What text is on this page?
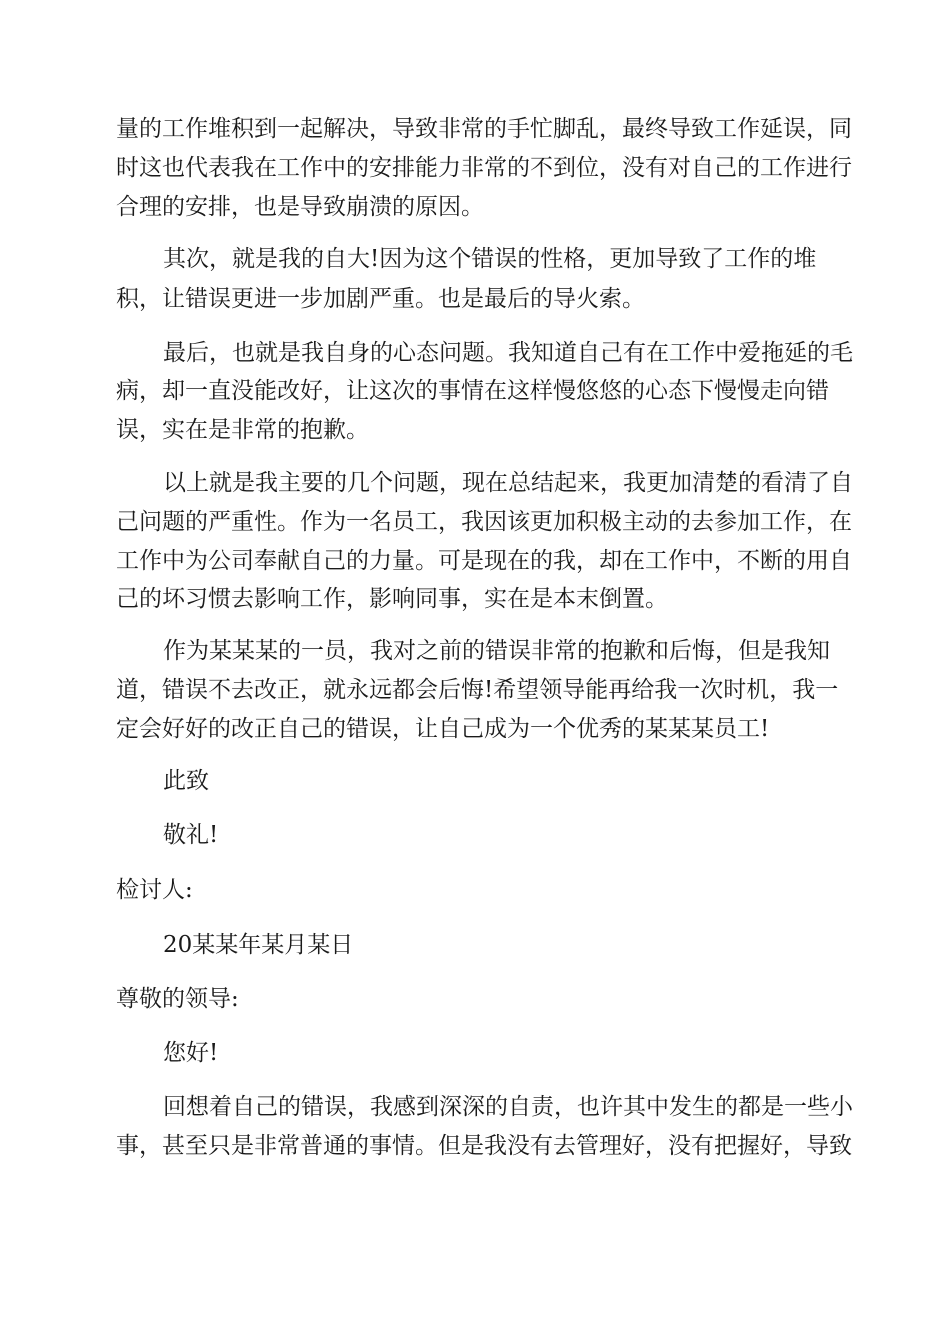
量的工作堆积到一起解决，导致非常的手忙脚乱，最终导致工作延误，同
时这也代表我在工作中的安排能力非常的不到位，没有对自己的工作进行
合理的安排，也是导致崩溃的原因。
其次，就是我的自大!因为这个错误的性格，更加导致了工作的堆
积，让错误更进一步加剧严重。也是最后的导火索。
最后，也就是我自身的心态问题。我知道自己有在工作中爱拖延的毛
病，却一直没能改好，让这次的事情在这样慢悠悠的心态下慢慢走向错
误，实在是非常的抱歉。
以上就是我主要的几个问题，现在总结起来，我更加清楚的看清了自
己问题的严重性。作为一名员工，我因该更加积极主动的去参加工作，在
工作中为公司奉献自己的力量。可是现在的我，却在工作中，不断的用自
己的坏习惯去影响工作，影响同事，实在是本末倒置。
作为某某某的一员，我对之前的错误非常的抱歉和后悔，但是我知
道，错误不去改正，就永远都会后悔!希望领导能再给我一次时机，我一
定会好好的改正自己的错误，让自己成为一个优秀的某某某员工!
此致
敬礼!
检讨人:
20某某年某月某日
尊敬的领导:
您好!
回想着自己的错误，我感到深深的自责，也许其中发生的都是一些小
事，甚至只是非常普通的事情。但是我没有去管理好，没有把握好，导致
